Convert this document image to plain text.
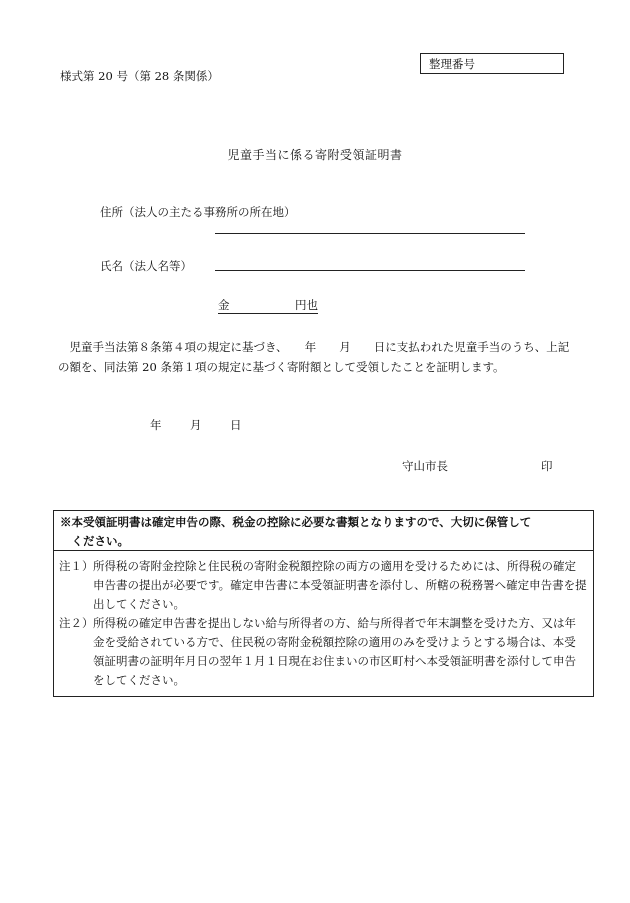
様式第 20 号（第 28 条関係）
整理番号
児童手当に係る寄附受領証明書
住所（法人の主たる事務所の所在地）
氏名（法人名等）
金	円也
児童手当法第８条第４項の規定に基づき、　　年　　月　　日に支払われた児童手当のうち、上記の額を、同法第 20 条第１項の規定に基づく寄附額として受領したことを証明します。
年 月 日
守山市長	印
※本受領証明書は確定申告の際、税金の控除に必要な書類となりますので、大切に保管して
ください。
注１） 所得税の寄附金控除と住民税の寄附金税額控除の両方の適用を受けるためには、所得税の確定申告書の提出が必要です。確定申告書に本受領証明書を添付し、所轄の税務署へ確定申告書を提出してください。
注２） 所得税の確定申告書を提出しない給与所得者の方、給与所得者で年末調整を受けた方、又は年金を受給されている方で、住民税の寄附金税額控除の適用のみを受けようとする場合は、本受領証明書の証明年月日の翌年１月１日現在お住まいの市区町村へ本受領証明書を添付して申告をしてください。
